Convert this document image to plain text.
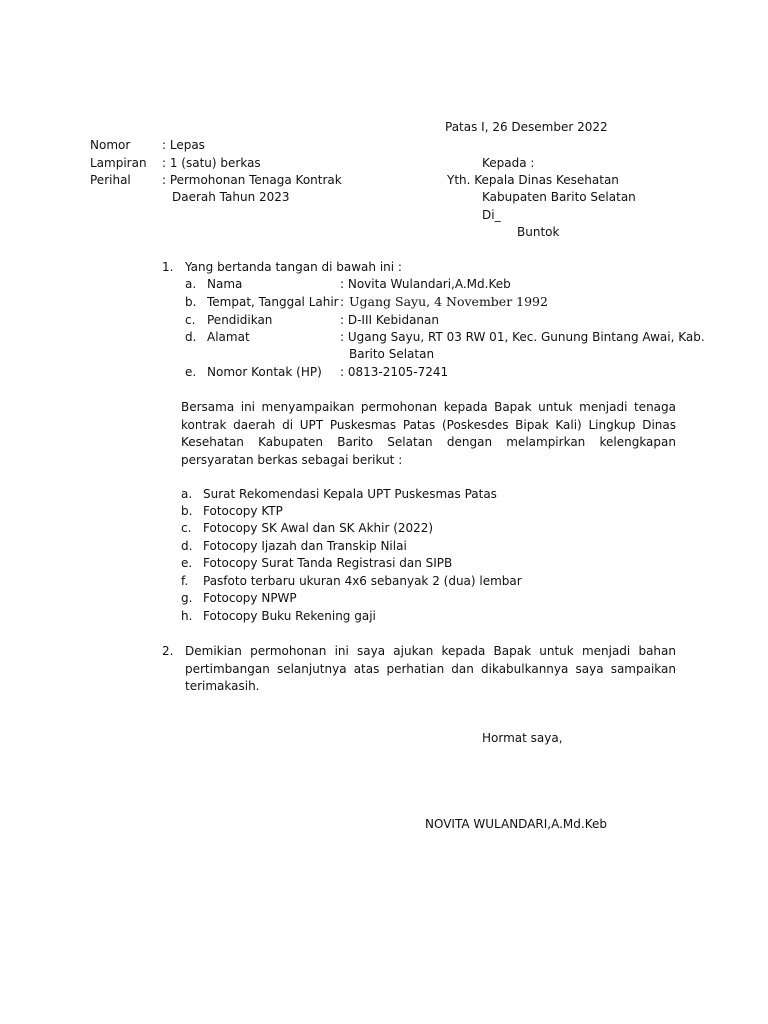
Patas I, 26 Desember 2022
Nomor	: Lepas
Lampiran : 1 (satu) berkas
Perihal	: Permohonan Tenaga Kontrak
Daerah Tahun 2023
Kepada :
Yth. Kepala Dinas Kesehatan
Kabupaten Barito Selatan
Di_
Buntok
1. Yang bertanda tangan di bawah ini :
a. Nama	: Novita Wulandari,A.Md.Keb
b. Tempat, Tanggal Lahir : Ugang Sayu, 4 November 1992
c. Pendidikan	: D-III Kebidanan
d. Alamat	: Ugang Sayu, RT 03 RW 01, Kec. Gunung Bintang Awai, Kab.
Barito Selatan
e. Nomor Kontak (HP) : 0813-2105-7241
Bersama ini menyampaikan permohonan kepada Bapak untuk menjadi tenaga kontrak daerah di UPT Puskesmas Patas (Poskesdes Bipak Kali) Lingkup Dinas Kesehatan Kabupaten Barito Selatan dengan melampirkan kelengkapan persyaratan berkas sebagai berikut :
a. Surat Rekomendasi Kepala UPT Puskesmas Patas
b. Fotocopy KTP
c. Fotocopy SK Awal dan SK Akhir (2022)
d. Fotocopy Ijazah dan Transkip Nilai
e. Fotocopy Surat Tanda Registrasi dan SIPB
f. Pasfoto terbaru ukuran 4x6 sebanyak 2 (dua) lembar
g. Fotocopy NPWP
h. Fotocopy Buku Rekening gaji
2. Demikian permohonan ini saya ajukan kepada Bapak untuk menjadi bahan pertimbangan selanjutnya atas perhatian dan dikabulkannya saya sampaikan terimakasih.
Hormat saya,
NOVITA WULANDARI,A.Md.Keb
